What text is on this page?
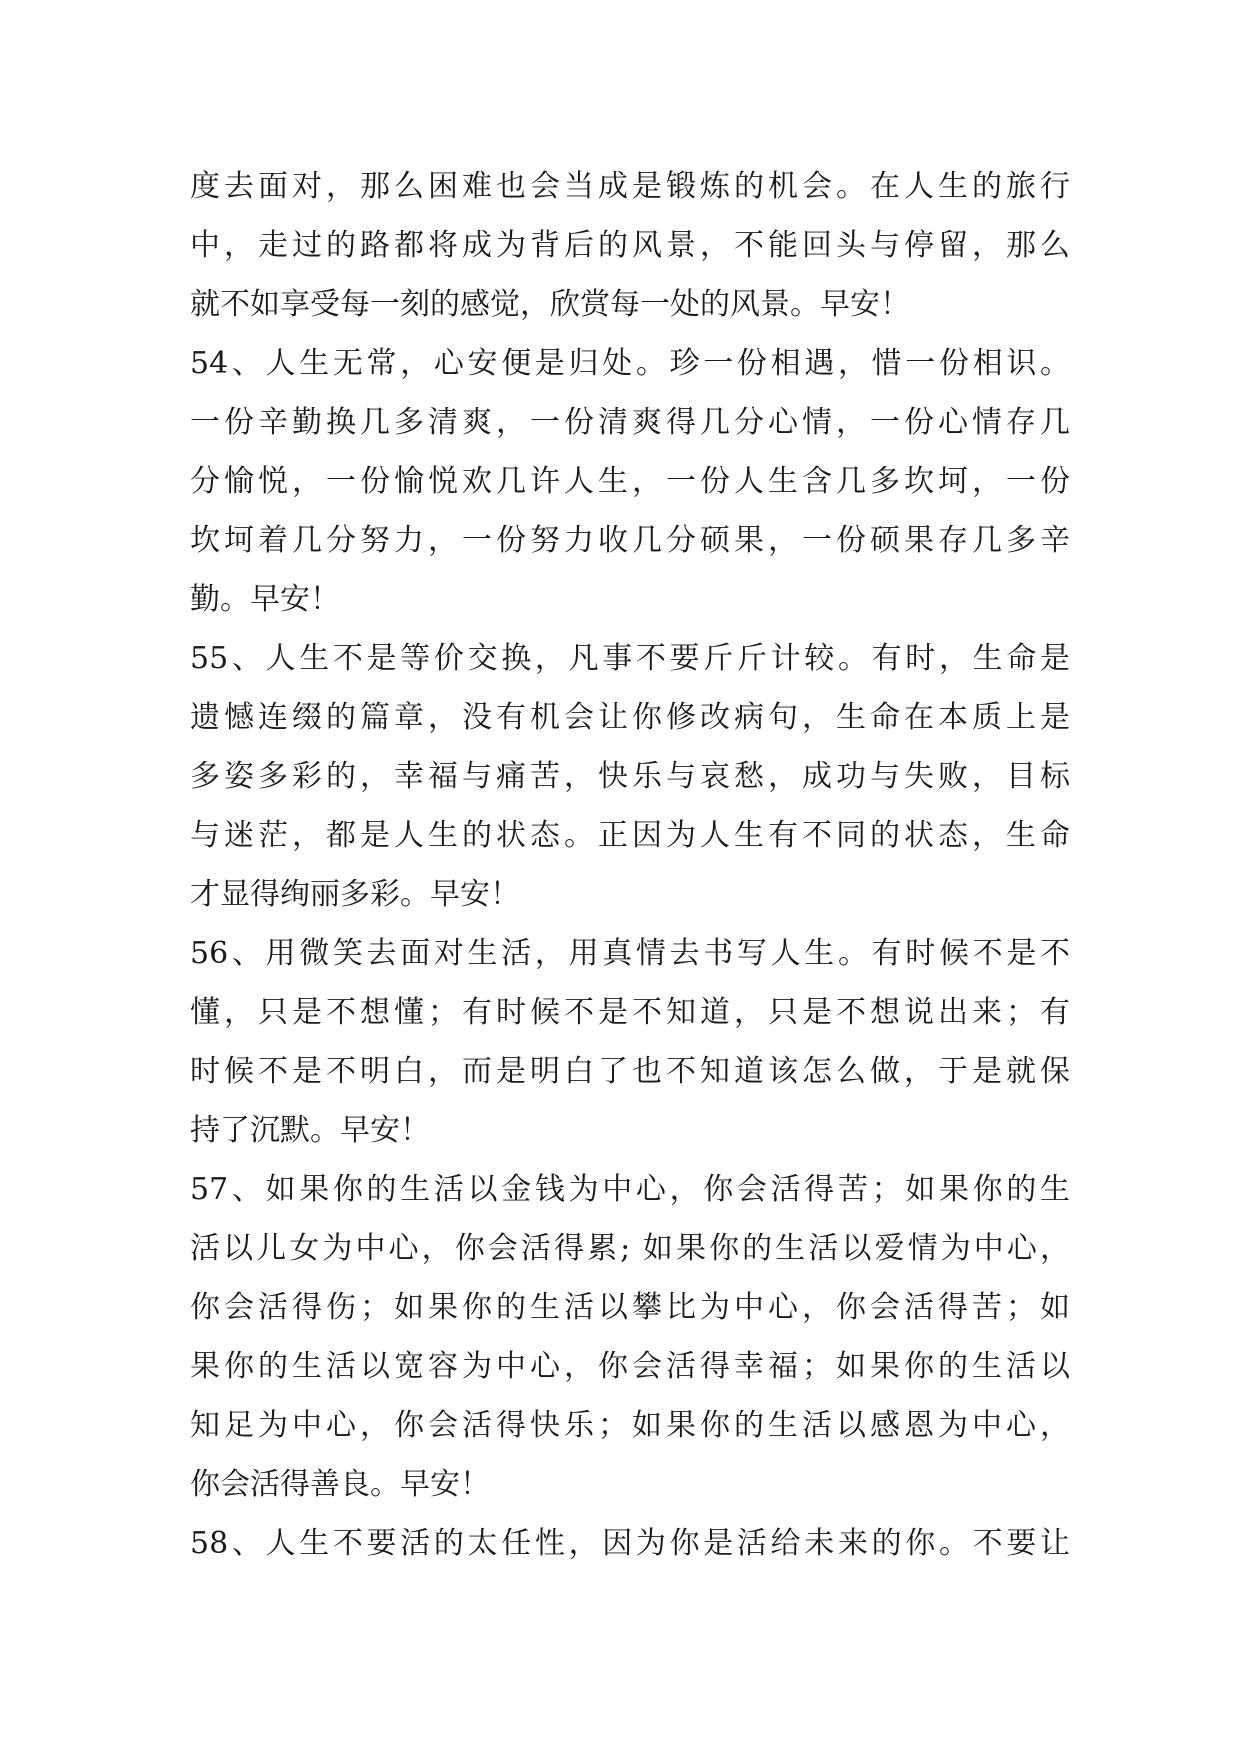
度去面对，那么困难也会当成是锻炼的机会。在人生的旅行
中，走过的路都将成为背后的风景，不能回头与停留，那么
就不如享受每一刻的感觉，欣赏每一处的风景。早安！
54、人生无常，心安便是归处。珍一份相遇，惜一份相识。
一份辛勤换几多清爽，一份清爽得几分心情，一份心情存几
分愉悦，一份愉悦欢几许人生，一份人生含几多坎坷，一份
坎坷着几分努力，一份努力收几分硕果，一份硕果存几多辛
勤。早安！
55、人生不是等价交换，凡事不要斤斤计较。有时，生命是
遗憾连缀的篇章，没有机会让你修改病句，生命在本质上是
多姿多彩的，幸福与痛苦，快乐与哀愁，成功与失败，目标
与迷茫，都是人生的状态。正因为人生有不同的状态，生命
才显得绚丽多彩。早安！
56、用微笑去面对生活，用真情去书写人生。有时候不是不
懂，只是不想懂；有时候不是不知道，只是不想说出来；有
时候不是不明白，而是明白了也不知道该怎么做，于是就保
持了沉默。早安！
57、如果你的生活以金钱为中心，你会活得苦；如果你的生
活以儿女为中心，你会活得累; 如果你的生活以爱情为中心，
你会活得伤；如果你的生活以攀比为中心，你会活得苦；如
果你的生活以宽容为中心，你会活得幸福；如果你的生活以
知足为中心，你会活得快乐；如果你的生活以感恩为中心，
你会活得善良。早安！
58、人生不要活的太任性，因为你是活给未来的你。不要让
